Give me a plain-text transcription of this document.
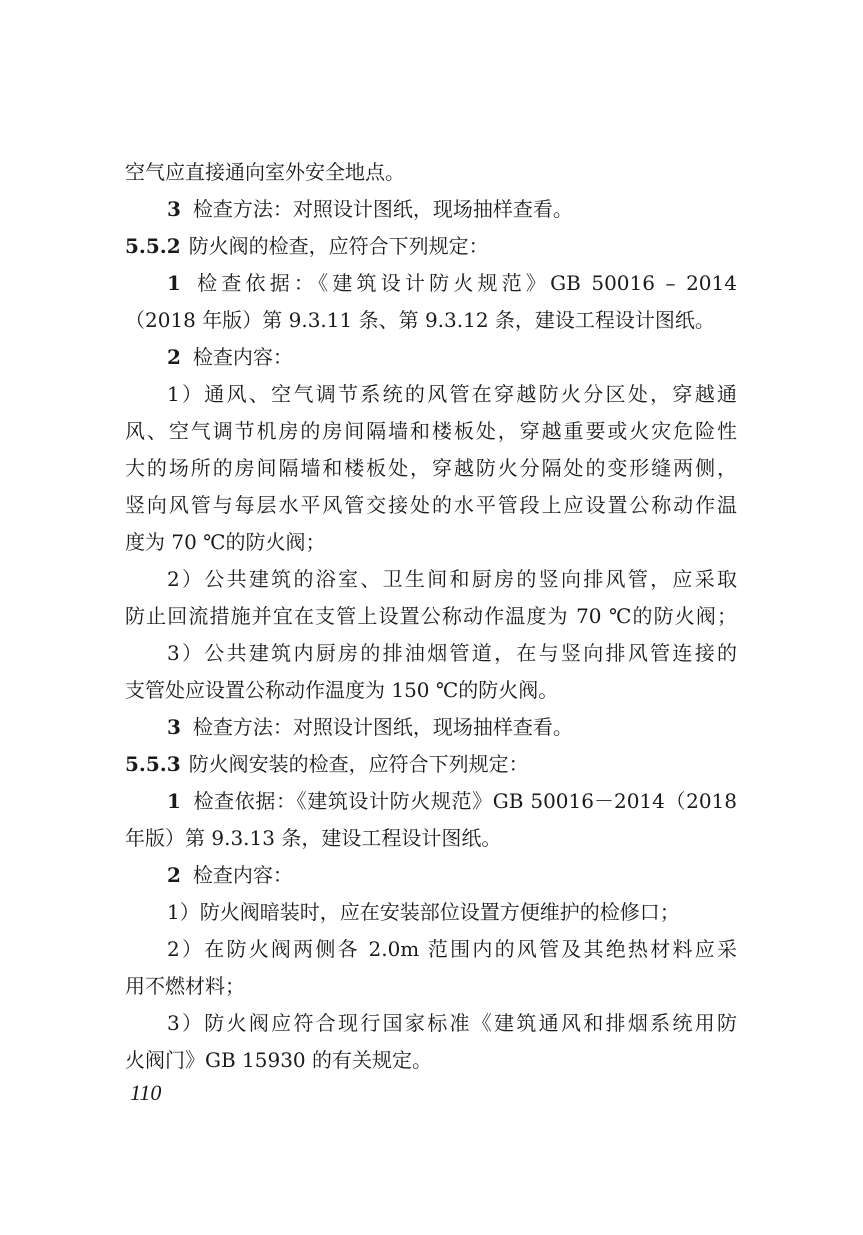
空气应直接通向室外安全地点。
3 检查方法：对照设计图纸，现场抽样查看。
5.5.2 防火阀的检查，应符合下列规定：
1 检查依据：《建筑设计防火规范》GB 50016 – 2014
（2018 年版）第 9.3.11 条、第 9.3.12 条，建设工程设计图纸。
2 检查内容：
1）通风、空气调节系统的风管在穿越防火分区处，穿越通
风、空气调节机房的房间隔墙和楼板处，穿越重要或火灾危险性
大的场所的房间隔墙和楼板处，穿越防火分隔处的变形缝两侧，
竖向风管与每层水平风管交接处的水平管段上应设置公称动作温
度为 70 ℃的防火阀；
2）公共建筑的浴室、卫生间和厨房的竖向排风管，应采取
防止回流措施并宜在支管上设置公称动作温度为 70 ℃的防火阀；
3）公共建筑内厨房的排油烟管道，在与竖向排风管连接的
支管处应设置公称动作温度为 150 ℃的防火阀。
3 检查方法：对照设计图纸，现场抽样查看。
5.5.3 防火阀安装的检查，应符合下列规定：
1 检查依据：《建筑设计防火规范》GB 50016－2014（2018
年版）第 9.3.13 条，建设工程设计图纸。
2 检查内容：
1）防火阀暗装时，应在安装部位设置方便维护的检修口；
2）在防火阀两侧各 2.0m 范围内的风管及其绝热材料应采
用不燃材料；
3）防火阀应符合现行国家标准《建筑通风和排烟系统用防
火阀门》GB 15930 的有关规定。
110
